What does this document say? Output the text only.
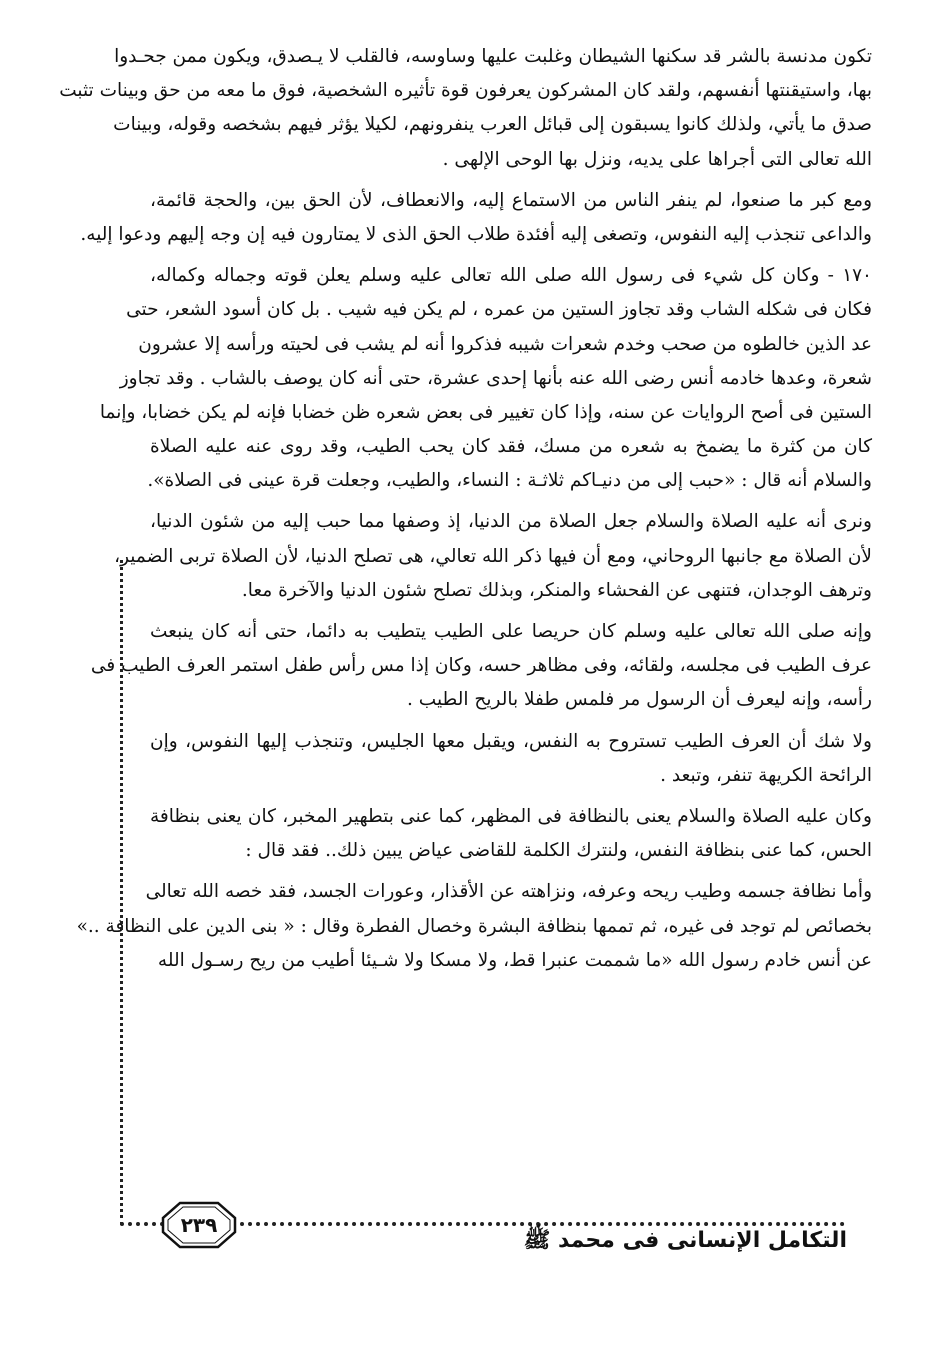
تكون مدنسة بالشر قد سكنها الشيطان وغلبت عليها وساوسه، فالقلب لا يـصدق، ويكون ممن جحـدوا
بها، واستيقنتها أنفسهم، ولقد كان المشركون يعرفون قوة تأثيره الشخصية، فوق ما معه من حق وبينات تثبت
صدق ما يأتي، ولذلك كانوا يسبقون إلى قبائل العرب ينفرونهم، لكيلا يؤثر فيهم بشخصه وقوله، وبينات
الله تعالى التى أجراها على يديه، ونزل بها الوحى الإلهى .
ومع كبر ما صنعوا، لم ينفر الناس من الاستماع إليه، والانعطاف، لأن الحق بين، والحجة قائمة،
والداعى تنجذب إليه النفوس، وتصغى إليه أفئدة طلاب الحق الذى لا يمتارون فيه إن وجه إليهم ودعوا إليه.
١٧٠ - وكان كل شيء فى رسول الله صلى الله تعالى عليه وسلم يعلن قوته وجماله وكماله،
فكان فى شكله الشاب وقد تجاوز الستين من عمره ، لم يكن فيه شيب . بل كان أسود الشعر، حتى
عد الذين خالطوه من صحب وخدم شعرات شيبه فذكروا أنه لم يشب فى لحيته ورأسه إلا عشرون
شعرة، وعدها خادمه أنس رضى الله عنه بأنها إحدى عشرة، حتى أنه كان يوصف بالشاب . وقد تجاوز
الستين فى أصح الروايات عن سنه، وإذا كان تغيير فى بعض شعره ظن خضابا فإنه لم يكن خضابا، وإنما
كان من كثرة ما يضمخ به شعره من مسك، فقد كان يحب الطيب، وقد روى عنه عليه الصلاة
والسلام أنه قال : «حبب إلى من دنيـاكم ثلاثـة : النساء، والطيب، وجعلت قرة عينى فى الصلاة».
ونرى أنه عليه الصلاة والسلام جعل الصلاة من الدنيا، إذ وصفها مما حبب إليه من شئون الدنيا،
لأن الصلاة مع جانبها الروحاني، ومع أن فيها ذكر الله تعالي، هى تصلح الدنيا، لأن الصلاة تربى الضمير،
وترهف الوجدان، فتنهى عن الفحشاء والمنكر، وبذلك تصلح شئون الدنيا والآخرة معا.
وإنه صلى الله تعالى عليه وسلم كان حريصا على الطيب يتطيب به دائما، حتى أنه كان ينبعث
عرف الطيب فى مجلسه، ولقائه، وفى مظاهر حسه، وكان إذا مس رأس طفل استمر العرف الطيب فى
رأسه، وإنه ليعرف أن الرسول مر فلمس طفلا بالريح الطيب .
ولا شك أن العرف الطيب تستروح به النفس، ويقبل معها الجليس، وتنجذب إليها النفوس، وإن
الرائحة الكريهة تنفر، وتبعد .
وكان عليه الصلاة والسلام يعنى بالنظافة فى المظهر، كما عنى بتطهير المخبر، كان يعنى بنظافة
الحس، كما عنى بنظافة النفس، ولنترك الكلمة للقاضى عياض يبين ذلك.. فقد قال :
وأما نظافة جسمه وطيب ريحه وعرفه، ونزاهته عن الأقذار، وعورات الجسد، فقد خصه الله تعالى
بخصائص لم توجد فى غيره، ثم تممها بنظافة البشرة وخصال الفطرة وقال : « بنى الدين على النظافة ..»
عن أنس خادم رسول الله «ما شممت عنبرا قط، ولا مسكا ولا شـيئا أطيب من ريح رسـول الله
٢٣٩
التكامل الإنسانى فى محمد ﷺ
